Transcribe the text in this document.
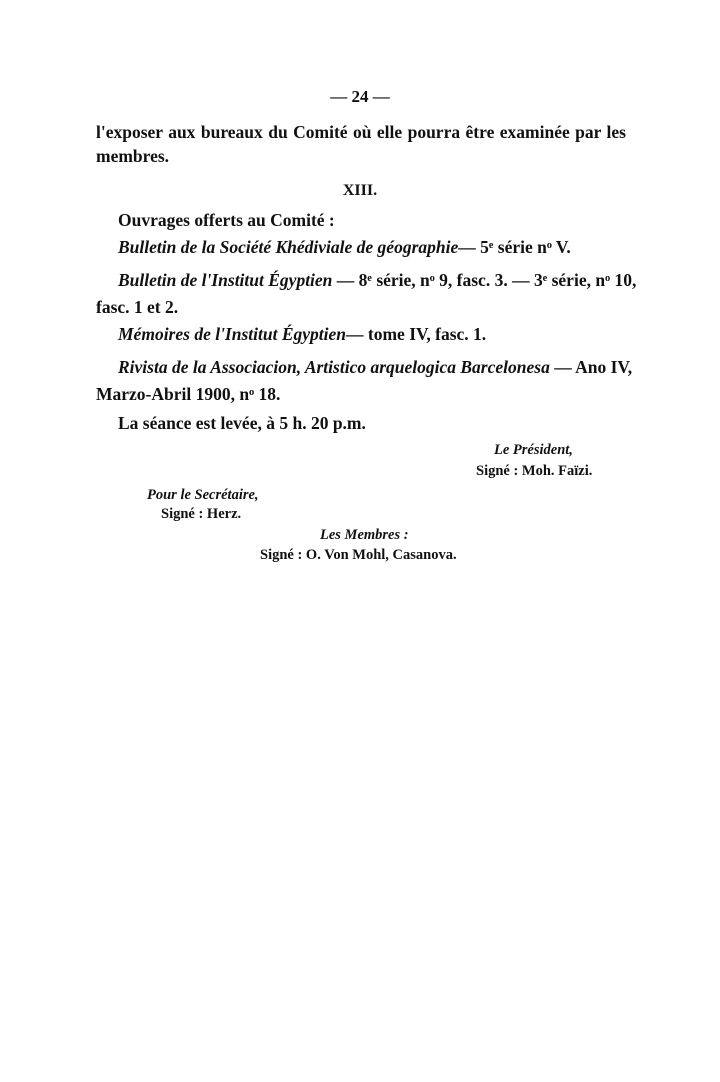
— 24 —
l'exposer aux bureaux du Comité où elle pourra être examinée par les
membres.
XIII.
Ouvrages offerts au Comité :
Bulletin de la Société Khédiviale de géographie— 5ᵉ série nᵒ V.
Bulletin de l'Institut Égyptien — 8ᵉ série, nᵒ 9, fasc. 3. — 3ᵉ série, nᵒ 10,
fasc. 1 et 2.
Mémoires de l'Institut Égyptien— tome IV, fasc. 1.
Rivista de la Associacion, Artistico arquelogica Barcelonesa — Ano IV,
Marzo-Abril 1900, nᵒ 18.
La séance est levée, à 5 h. 20 p.m.
Le Président,
Signé : Moh. Faïzi.
Pour le Secrétaire,
Signé : Herz.
Les Membres :
Signé : O. Von Mohl, Casanova.
